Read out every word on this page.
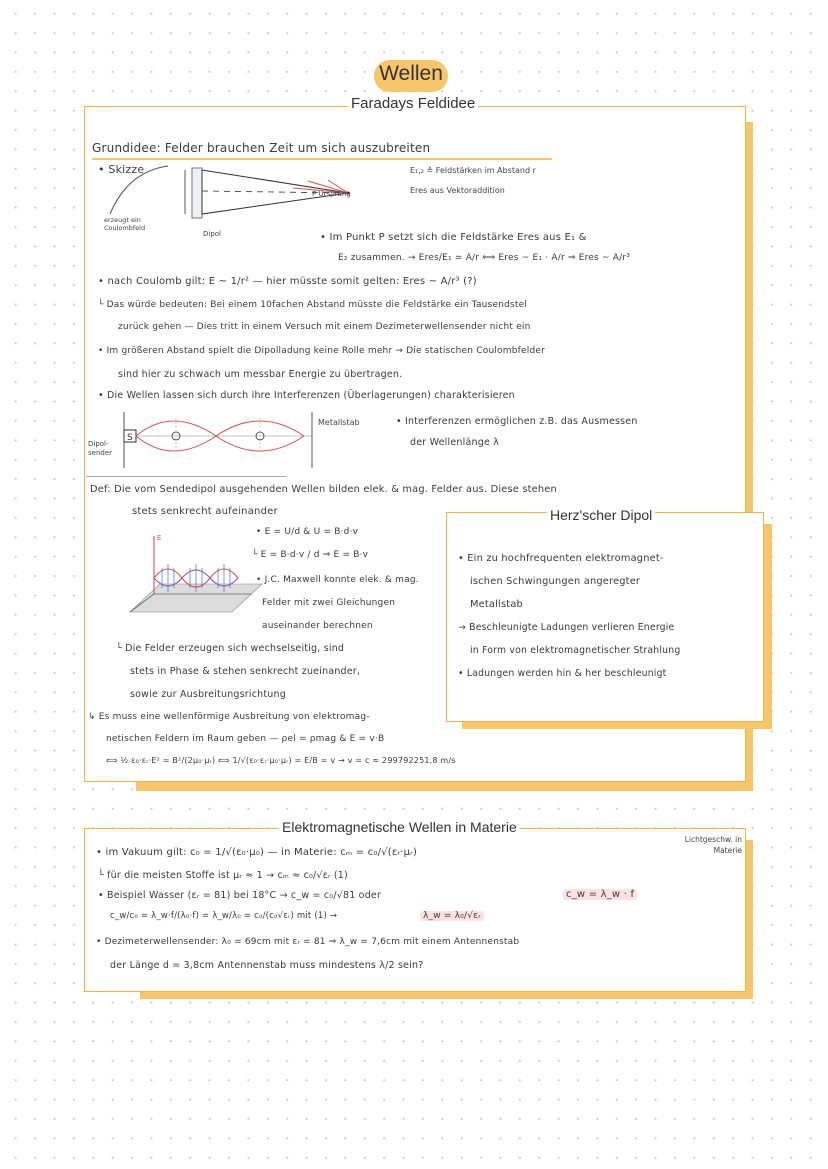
Wellen
Faradays Feldidee
Grundidee: Felder brauchen Zeit um sich auszubreiten
• Skizze	E₁,₂ ≙ Feldstärken im Abstand r
Eres aus Vektoraddition
erzeugt ein Coulombfeld
Dipol
P Ursprung
• Im Punkt P setzt sich die Feldstärke Eres aus E₁ &
E₂ zusammen. → Eres/E₁ = A/r ⟺ Eres ~ E₁ · A/r ⇒ Eres ~ A/r³
• nach Coulomb gilt: E ~ 1/r² — hier müsste somit gelten: Eres ~ A/r³ (?)
└ Das würde bedeuten: Bei einem 10fachen Abstand müsste die Feldstärke ein Tausendstel
zurück gehen — Dies tritt in einem Versuch mit einem Dezimeterwellensender nicht ein
• Im größeren Abstand spielt die Dipolladung keine Rolle mehr → Die statischen Coulombfelder
sind hier zu schwach um messbar Energie zu übertragen.
• Die Wellen lassen sich durch ihre Interferenzen (Überlagerungen) charakterisieren
S
Metallstab	• Interferenzen ermöglichen z.B. das Ausmessen
der Wellenlänge λ
Dipol-sender
Def: Die vom Sendedipol ausgehenden Wellen bilden elek. & mag. Felder aus. Diese stehen
stets senkrecht aufeinander
E
• E = U/d & U = B·d·v
└ E = B·d·v / d ⇒ E = B·v
• J.C. Maxwell konnte elek. & mag.
Felder mit zwei Gleichungen
auseinander berechnen
└ Die Felder erzeugen sich wechselseitig, sind
stets in Phase & stehen senkrecht zueinander,
sowie zur Ausbreitungsrichtung
↳ Es muss eine wellenförmige Ausbreitung von elektromag-
netischen Feldern im Raum geben — ρel = ρmag & E = v·B
⟺ ½ ε₀·εᵣ·E² = B²/(2μ₀·μᵣ) ⟺ 1/√(ε₀·εᵣ·μ₀·μᵣ) = E/B = v → v = c ≈ 299792251,8 m/s
Herz'scher Dipol
• Ein zu hochfrequenten elektromagnet-
ischen Schwingungen angeregter
Metallstab
→ Beschleunigte Ladungen verlieren Energie
in Form von elektromagnetischer Strahlung
• Ladungen werden hin & her beschleunigt
Elektromagnetische Wellen in Materie
• im Vakuum gilt: c₀ = 1/√(ε₀·μ₀) — in Materie: cₘ = c₀/√(εᵣ·μᵣ)
Lichtgeschw. in Materie
└ für die meisten Stoffe ist μᵣ ≈ 1 → cₘ ≈ c₀/√εᵣ (1)
• Beispiel Wasser (εᵣ = 81) bei 18°C → c_w = c₀/√81 oder	c_w = λ_w · f
c_w/c₀ = λ_w·f/(λ₀·f) = λ_w/λ₀ = c₀/(c₀√εᵣ) mit (1) →	λ_w = λ₀/√εᵣ
• Dezimeterwellensender: λ₀ = 69cm mit εᵣ = 81 ⇒ λ_w = 7,6cm mit einem Antennenstab
der Länge d = 3,8cm Antennenstab muss mindestens λ/2 sein?
